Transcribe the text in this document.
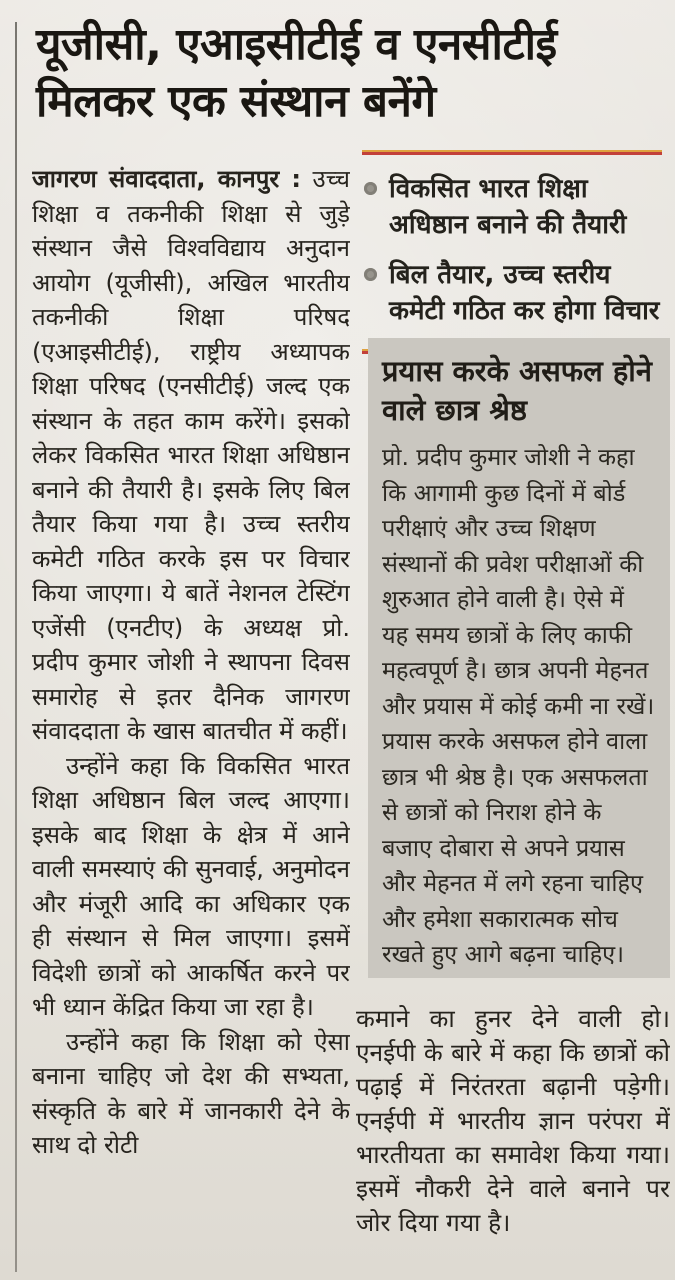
यूजीसी, एआइसीटीई व एनसीटीई
मिलकर एक संस्थान बनेंगे

जागरण संवाददाता, कानपुर : उच्च शिक्षा व तकनीकी शिक्षा से जुड़े संस्थान जैसे विश्वविद्याय अनुदान आयोग (यूजीसी), अखिल भारतीय तकनीकी शिक्षा परिषद (एआइसीटीई), राष्ट्रीय अध्यापक शिक्षा परिषद (एनसीटीई) जल्द एक संस्थान के तहत काम करेंगे। इसको लेकर विकसित भारत शिक्षा अधिष्ठान बनाने की तैयारी है। इसके लिए बिल तैयार किया गया है। उच्च स्तरीय कमेटी गठित करके इस पर विचार किया जाएगा। ये बातें नेशनल टेस्टिंग एजेंसी (एनटीए) के अध्यक्ष प्रो. प्रदीप कुमार जोशी ने स्थापना दिवस समारोह से इतर दैनिक जागरण संवाददाता के खास बातचीत में कहीं।

उन्होंने कहा कि विकसित भारत शिक्षा अधिष्ठान बिल जल्द आएगा। इसके बाद शिक्षा के क्षेत्र में आने वाली समस्याएं की सुनवाई, अनुमोदन और मंजूरी आदि का अधिकार एक ही संस्थान से मिल जाएगा। इसमें विदेशी छात्रों को आकर्षित करने पर भी ध्यान केंद्रित किया जा रहा है।

उन्होंने कहा कि शिक्षा को ऐसा बनाना चाहिए जो देश की सभ्यता, संस्कृति के बारे में जानकारी देने के साथ दो रोटी

विकसित भारत शिक्षा अधिष्ठान बनाने की तैयारी
बिल तैयार, उच्च स्तरीय कमेटी गठित कर होगा विचार
प्रयास करके असफल होने वाले छात्र श्रेष्ठ
प्रो. प्रदीप कुमार जोशी ने कहा कि आगामी कुछ दिनों में बोर्ड परीक्षाएं और उच्च शिक्षण संस्थानों की प्रवेश परीक्षाओं की शुरुआत होने वाली है। ऐसे में यह समय छात्रों के लिए काफी महत्वपूर्ण है। छात्र अपनी मेहनत और प्रयास में कोई कमी ना रखें। प्रयास करके असफल होने वाला छात्र भी श्रेष्ठ है। एक असफलता से छात्रों को निराश होने के बजाए दोबारा से अपने प्रयास और मेहनत में लगे रहना चाहिए और हमेशा सकारात्मक सोच रखते हुए आगे बढ़ना चाहिए।

कमाने का हुनर देने वाली हो। एनईपी के बारे में कहा कि छात्रों को पढ़ाई में निरंतरता बढ़ानी पड़ेगी। एनईपी में भारतीय ज्ञान परंपरा में भारतीयता का समावेश किया गया। इसमें नौकरी देने वाले बनाने पर जोर दिया गया है।
